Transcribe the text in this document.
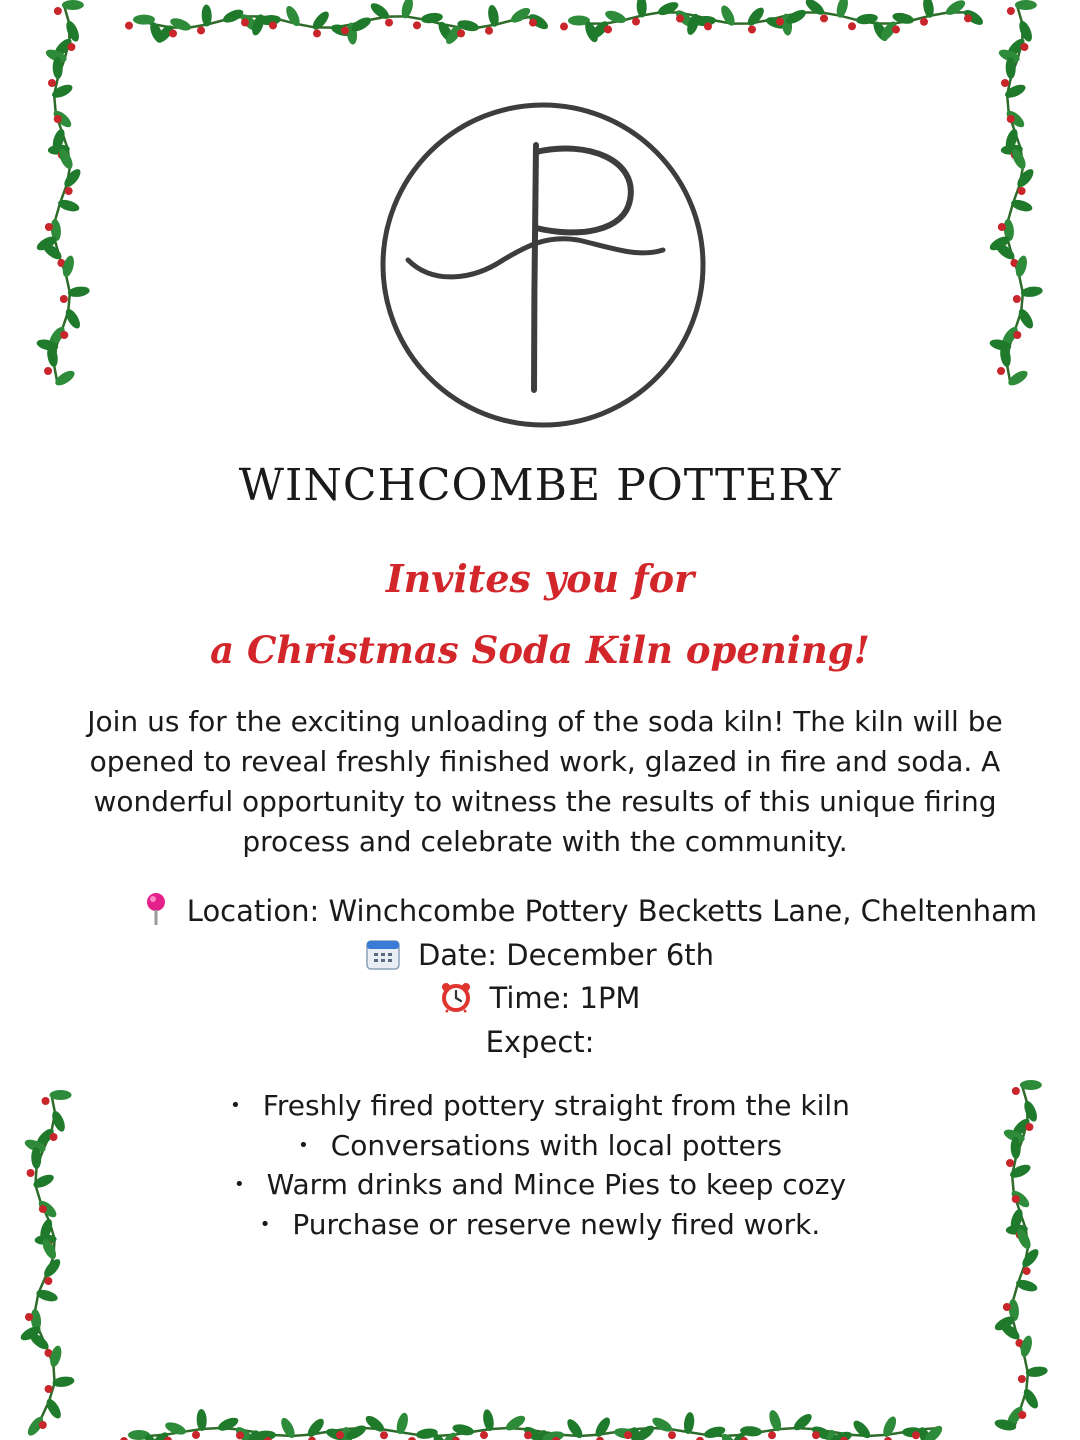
WINCHCOMBE POTTERY
Invites you for
a Christmas Soda Kiln opening!
Join us for the exciting unloading of the soda kiln! The kiln will be opened to reveal freshly finished work, glazed in fire and soda. A wonderful opportunity to witness the results of this unique firing process and celebrate with the community.
Location: Winchcombe Pottery Becketts Lane, Cheltenham
Date: December 6th
Time: 1PM
Expect:
• Freshly fired pottery straight from the kiln
• Conversations with local potters
• Warm drinks and Mince Pies to keep cozy
• Purchase or reserve newly fired work.
